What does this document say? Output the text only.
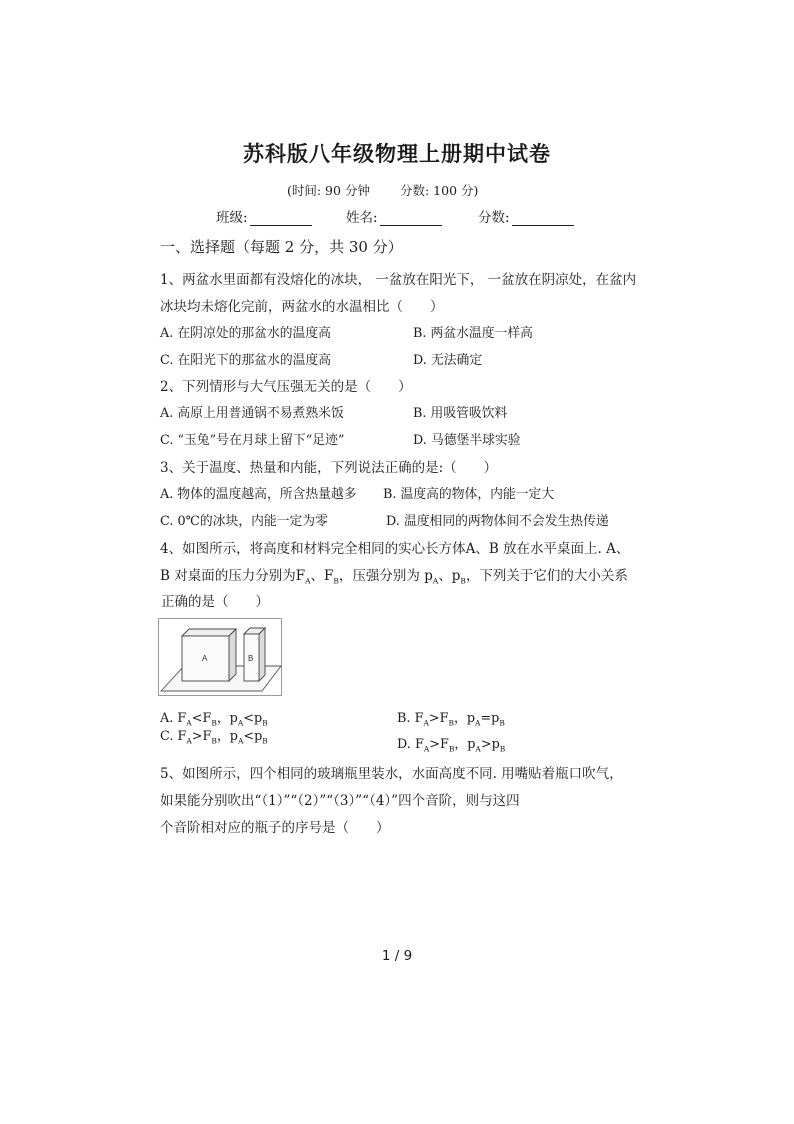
苏科版八年级物理上册期中试卷
(时间: 90 分钟 分数: 100 分)
班级:	姓名:	分数:
一、选择题（每题 2 分，共 30 分）
1、两盆水里面都有没熔化的冰块， 一盆放在阳光下， 一盆放在阴凉处，在盆内
冰块均未熔化完前，两盆水的水温相比（　　）
A. 在阴凉处的那盆水的温度高	B. 两盆水温度一样高
C. 在阳光下的那盆水的温度高	D. 无法确定
2、下列情形与大气压强无关的是（　　）
A. 高原上用普通锅不易煮熟米饭	B. 用吸管吸饮料
C. “玉兔”号在月球上留下“足迹”	D. 马德堡半球实验
3、关于温度、热量和内能，下列说法正确的是:（　　）
A. 物体的温度越高，所含热量越多 B. 温度高的物体，内能一定大
C. 0℃的冰块，内能一定为零	D. 温度相同的两物体间不会发生热传递
4、如图所示，将高度和材料完全相同的实心长方体A、B 放在水平桌面上. A、
B 对桌面的压力分别为$F_A$、$F_B$，压强分别为 $p_A$、$p_B$，下列关于它们的大小关系
正确的是（　　）
A	B
A. $F_A<F_B$，$p_A<p_B$	B. $F_A>F_B$，$p_A=p_B$
C. $F_A>F_B$，$p_A<p_B$	D. $F_A>F_B$，$p_A>p_B$
5、如图所示，四个相同的玻璃瓶里装水，水面高度不同. 用嘴贴着瓶口吹气，
如果能分别吹出“（1）”“（2）”“（3）”“（4）”四个音阶，则与这四
个音阶相对应的瓶子的序号是（　　）
1 / 9
